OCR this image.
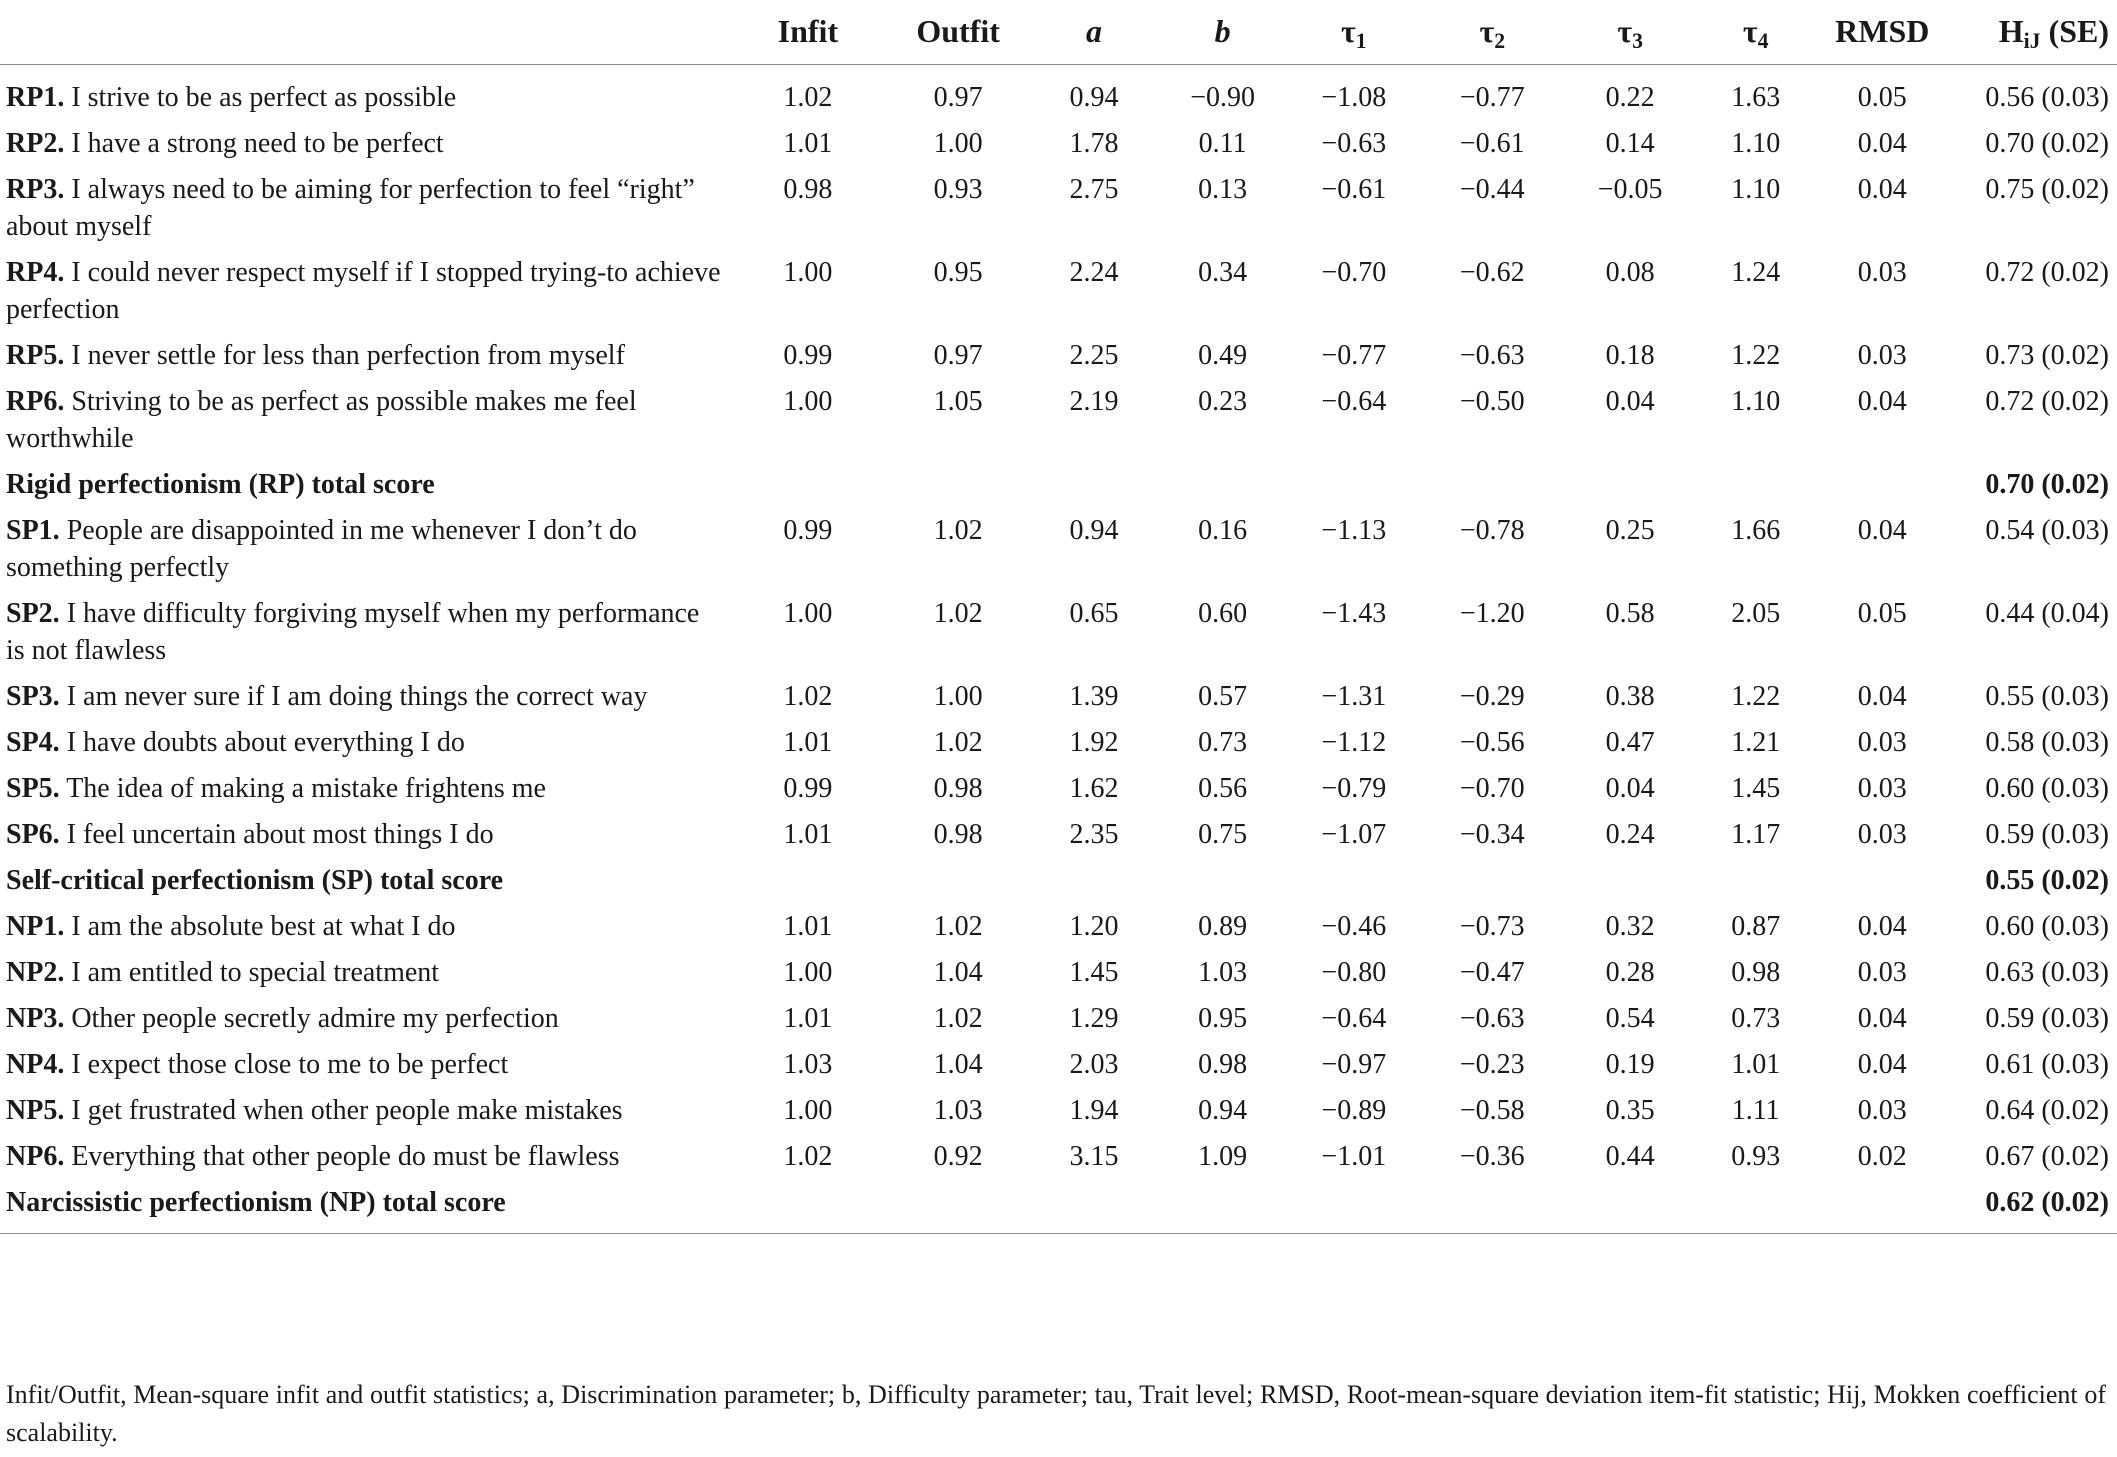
	Infit	Outfit	a	b	$\tau_1$	$\tau_2$	$\tau_3$	$\tau_4$	RMSD	$H_{iJ}$ (SE)
RP1. I strive to be as perfect as possible	1.02	0.97	0.94	−0.90	−1.08	−0.77	0.22	1.63	0.05	0.56 (0.03)
RP2. I have a strong need to be perfect	1.01	1.00	1.78	0.11	−0.63	−0.61	0.14	1.10	0.04	0.70 (0.02)
RP3. I always need to be aiming for perfection to feel “right” about myself	0.98	0.93	2.75	0.13	−0.61	−0.44	−0.05	1.10	0.04	0.75 (0.02)
RP4. I could never respect myself if I stopped trying-to achieve perfection	1.00	0.95	2.24	0.34	−0.70	−0.62	0.08	1.24	0.03	0.72 (0.02)
RP5. I never settle for less than perfection from myself	0.99	0.97	2.25	0.49	−0.77	−0.63	0.18	1.22	0.03	0.73 (0.02)
RP6. Striving to be as perfect as possible makes me feel worthwhile	1.00	1.05	2.19	0.23	−0.64	−0.50	0.04	1.10	0.04	0.72 (0.02)
Rigid perfectionism (RP) total score										0.70 (0.02)
SP1. People are disappointed in me whenever I don’t do something perfectly	0.99	1.02	0.94	0.16	−1.13	−0.78	0.25	1.66	0.04	0.54 (0.03)
SP2. I have difficulty forgiving myself when my performance is not flawless	1.00	1.02	0.65	0.60	−1.43	−1.20	0.58	2.05	0.05	0.44 (0.04)
SP3. I am never sure if I am doing things the correct way	1.02	1.00	1.39	0.57	−1.31	−0.29	0.38	1.22	0.04	0.55 (0.03)
SP4. I have doubts about everything I do	1.01	1.02	1.92	0.73	−1.12	−0.56	0.47	1.21	0.03	0.58 (0.03)
SP5. The idea of making a mistake frightens me	0.99	0.98	1.62	0.56	−0.79	−0.70	0.04	1.45	0.03	0.60 (0.03)
SP6. I feel uncertain about most things I do	1.01	0.98	2.35	0.75	−1.07	−0.34	0.24	1.17	0.03	0.59 (0.03)
Self-critical perfectionism (SP) total score										0.55 (0.02)
NP1. I am the absolute best at what I do	1.01	1.02	1.20	0.89	−0.46	−0.73	0.32	0.87	0.04	0.60 (0.03)
NP2. I am entitled to special treatment	1.00	1.04	1.45	1.03	−0.80	−0.47	0.28	0.98	0.03	0.63 (0.03)
NP3. Other people secretly admire my perfection	1.01	1.02	1.29	0.95	−0.64	−0.63	0.54	0.73	0.04	0.59 (0.03)
NP4. I expect those close to me to be perfect	1.03	1.04	2.03	0.98	−0.97	−0.23	0.19	1.01	0.04	0.61 (0.03)
NP5. I get frustrated when other people make mistakes	1.00	1.03	1.94	0.94	−0.89	−0.58	0.35	1.11	0.03	0.64 (0.02)
NP6. Everything that other people do must be flawless	1.02	0.92	3.15	1.09	−1.01	−0.36	0.44	0.93	0.02	0.67 (0.02)
Narcissistic perfectionism (NP) total score										0.62 (0.02)
Infit/Outfit, Mean-square infit and outfit statistics; a, Discrimination parameter; b, Difficulty parameter; tau, Trait level; RMSD, Root-mean-square deviation item-fit statistic; Hij, Mokken coefficient of scalability.
